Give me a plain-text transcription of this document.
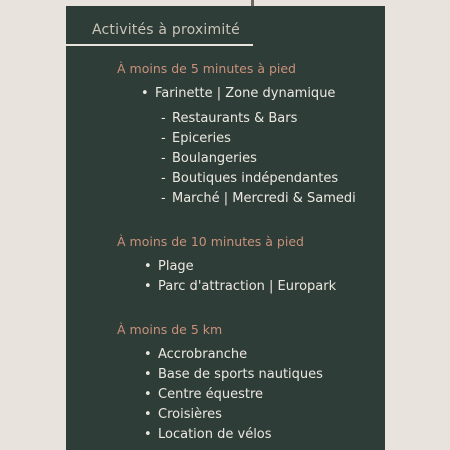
Activités à proximité
À moins de 5 minutes à pied
• Farinette | Zone dynamique
- Restaurants & Bars
- Epiceries
- Boulangeries
- Boutiques indépendantes
- Marché | Mercredi & Samedi
À moins de 10 minutes à pied
• Plage
• Parc d'attraction | Europark
À moins de 5 km
• Accrobranche
• Base de sports nautiques
• Centre équestre
• Croisières
• Location de vélos
